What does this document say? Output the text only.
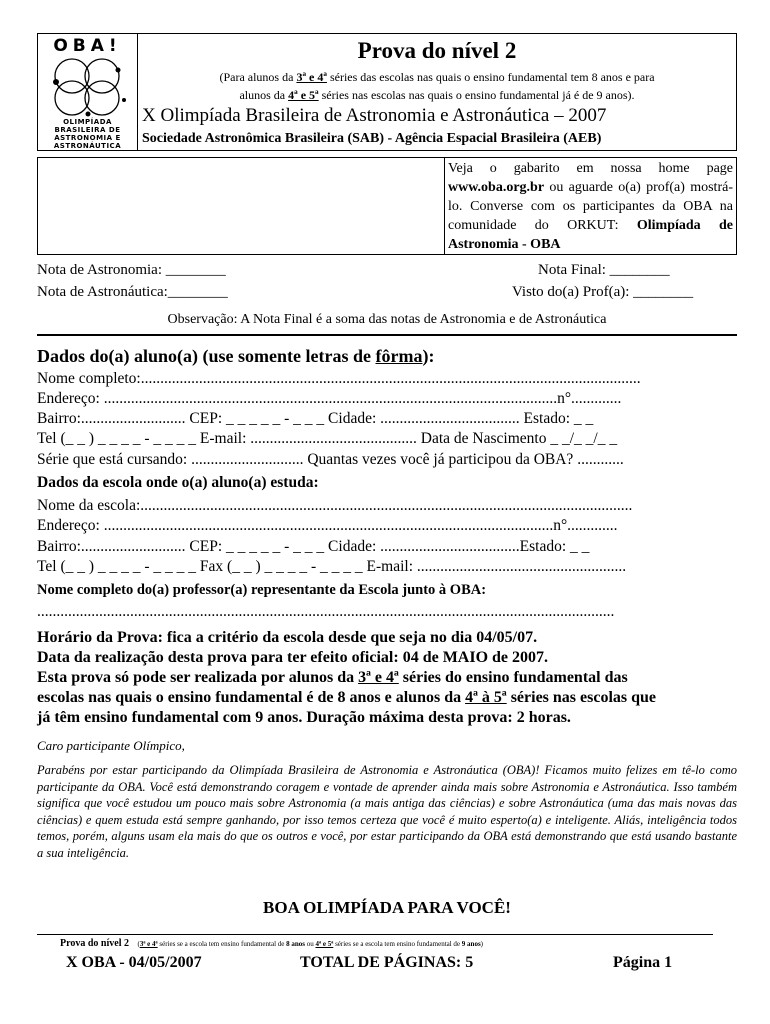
OBA!
OLIMPÍADA
BRASILEIRA DE
ASTRONOMIA E
ASTRONÁUTICA
Prova do nível 2
(Para alunos da 3ª e 4ª séries das escolas nas quais o ensino fundamental tem 8 anos e para
alunos da 4ª e 5ª séries nas escolas nas quais o ensino fundamental já é de 9 anos).
X Olimpíada Brasileira de Astronomia e Astronáutica – 2007
Sociedade Astronômica Brasileira (SAB) - Agência Espacial Brasileira (AEB)
Veja o gabarito em nossa home page www.oba.org.br ou aguarde o(a) prof(a) mostrá-lo. Converse com os participantes da OBA na comunidade do ORKUT: Olimpíada de Astronomia - OBA
Nota de Astronomia: ________
Nota de Astronáutica:________
Nota Final: ________
Visto do(a) Prof(a): ________
Observação: A Nota Final é a soma das notas de Astronomia e de Astronáutica
Dados do(a) aluno(a) (use somente letras de fôrma):
Nome completo:.................................................................................................................................
Endereço: .....................................................................................................................n°.............
Bairro:........................... CEP: _ _ _ _ _ - _ _ _ Cidade: .................................... Estado: _ _
Tel (_ _ ) _ _ _ _ - _ _ _ _ E-mail: ........................................... Data de Nascimento _ _/_ _/_ _
Série que está cursando: ............................. Quantas vezes você já participou da OBA? ............
Dados da escola onde o(a) aluno(a) estuda:
Nome da escola:...............................................................................................................................
Endereço: ....................................................................................................................n°.............
Bairro:........................... CEP: _ _ _ _ _ - _ _ _ Cidade: ....................................Estado: _ _
Tel (_ _ ) _ _ _ _ - _ _ _ _ Fax (_ _ ) _ _ _ _ - _ _ _ _ E-mail: ......................................................
Nome completo do(a) professor(a) representante da Escola junto à OBA:
.....................................................................................................................................................
Horário da Prova: fica a critério da escola desde que seja no dia 04/05/07.
Data da realização desta prova para ter efeito oficial: 04 de MAIO de 2007.
Esta prova só pode ser realizada por alunos da 3ª e 4ª séries do ensino fundamental das
escolas nas quais o ensino fundamental é de 8 anos e alunos da 4ª à 5ª séries nas escolas que
já têm ensino fundamental com 9 anos. Duração máxima desta prova: 2 horas.
Caro participante Olímpico,
Parabéns por estar participando da Olimpíada Brasileira de Astronomia e Astronáutica (OBA)! Ficamos muito felizes em tê-lo como participante da OBA. Você está demonstrando coragem e vontade de aprender ainda mais sobre Astronomia e Astronáutica. Isso também significa que você estudou um pouco mais sobre Astronomia (a mais antiga das ciências) e sobre Astronáutica (uma das mais novas das ciências) e quem estuda está sempre ganhando, por isso temos certeza que você é muito esperto(a) e inteligente. Aliás, inteligência todos temos, porém, alguns usam ela mais do que os outros e você, por estar participando da OBA está demonstrando que está usando bastante a sua inteligência.
BOA OLIMPÍADA PARA VOCÊ!
Prova do nível 2 (3ª e 4ª séries se a escola tem ensino fundamental de 8 anos ou 4ª e 5ª séries se a escola tem ensino fundamental de 9 anos)
X OBA - 04/05/2007	TOTAL DE PÁGINAS: 5	Página 1
